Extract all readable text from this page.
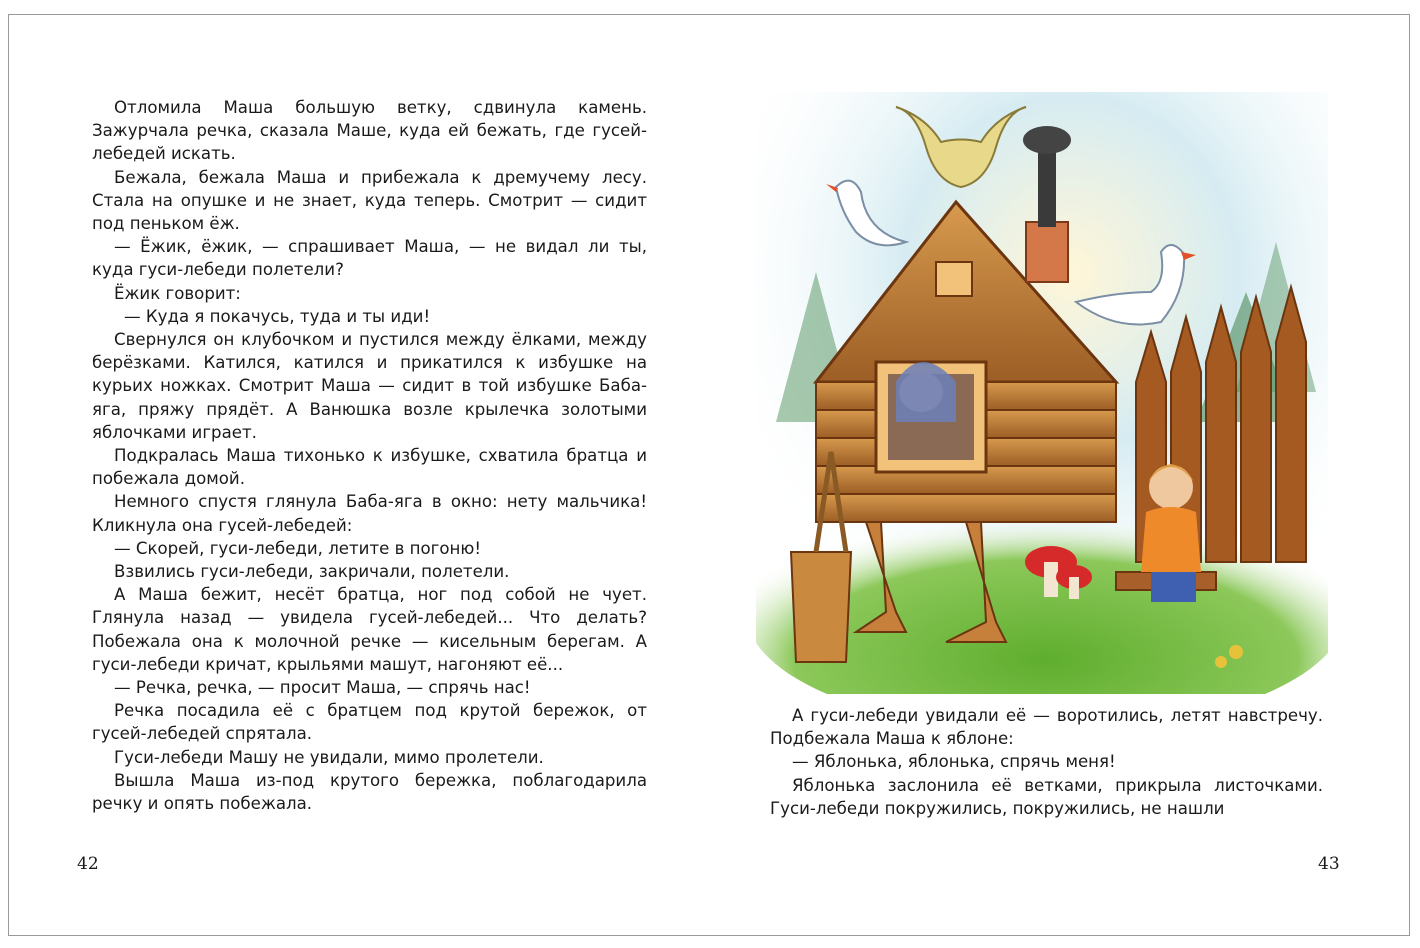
Отломила Маша большую ветку, сдвинула камень. Зажурчала речка, сказала Маше, куда ей бежать, где гусей-лебедей искать.

Бежала, бежала Маша и прибежала к дремучему лесу. Стала на опушке и не знает, куда теперь. Смотрит — сидит под пеньком ёж.

— Ёжик, ёжик, — спрашивает Маша, — не видал ли ты, куда гуси-лебеди полетели?

Ёжик говорит:

— Куда я покачусь, туда и ты иди!

Свернулся он клубочком и пустился между ёлками, между берёзками. Катился, катился и прикатился к избушке на курьих ножках. Смотрит Маша — сидит в той избушке Баба-яга, пряжу прядёт. А Ванюшка возле крылечка золотыми яблочками играет.

Подкралась Маша тихонько к избушке, схватила братца и побежала домой.

Немного спустя глянула Баба-яга в окно: нету мальчика! Кликнула она гусей-лебедей:

— Скорей, гуси-лебеди, летите в погоню!

Взвились гуси-лебеди, закричали, полетели.

А Маша бежит, несёт братца, ног под собой не чует. Глянула назад — увидела гусей-лебедей... Что делать? Побежала она к молочной речке — кисельным берегам. А гуси-лебеди кричат, крыльями машут, нагоняют её...

— Речка, речка, — просит Маша, — спрячь нас!

Речка посадила её с братцем под крутой бережок, от гусей-лебедей спрятала.

Гуси-лебеди Машу не увидали, мимо пролетели.

Вышла Маша из-под крутого бережка, поблагодарила речку и опять побежала.

42

А гуси-лебеди увидали её — воротились, летят навстречу. Подбежала Маша к яблоне:

— Яблонька, яблонька, спрячь меня!

Яблонька заслонила её ветками, прикрыла листочками. Гуси-лебеди покружились, покружились, не нашли

43
